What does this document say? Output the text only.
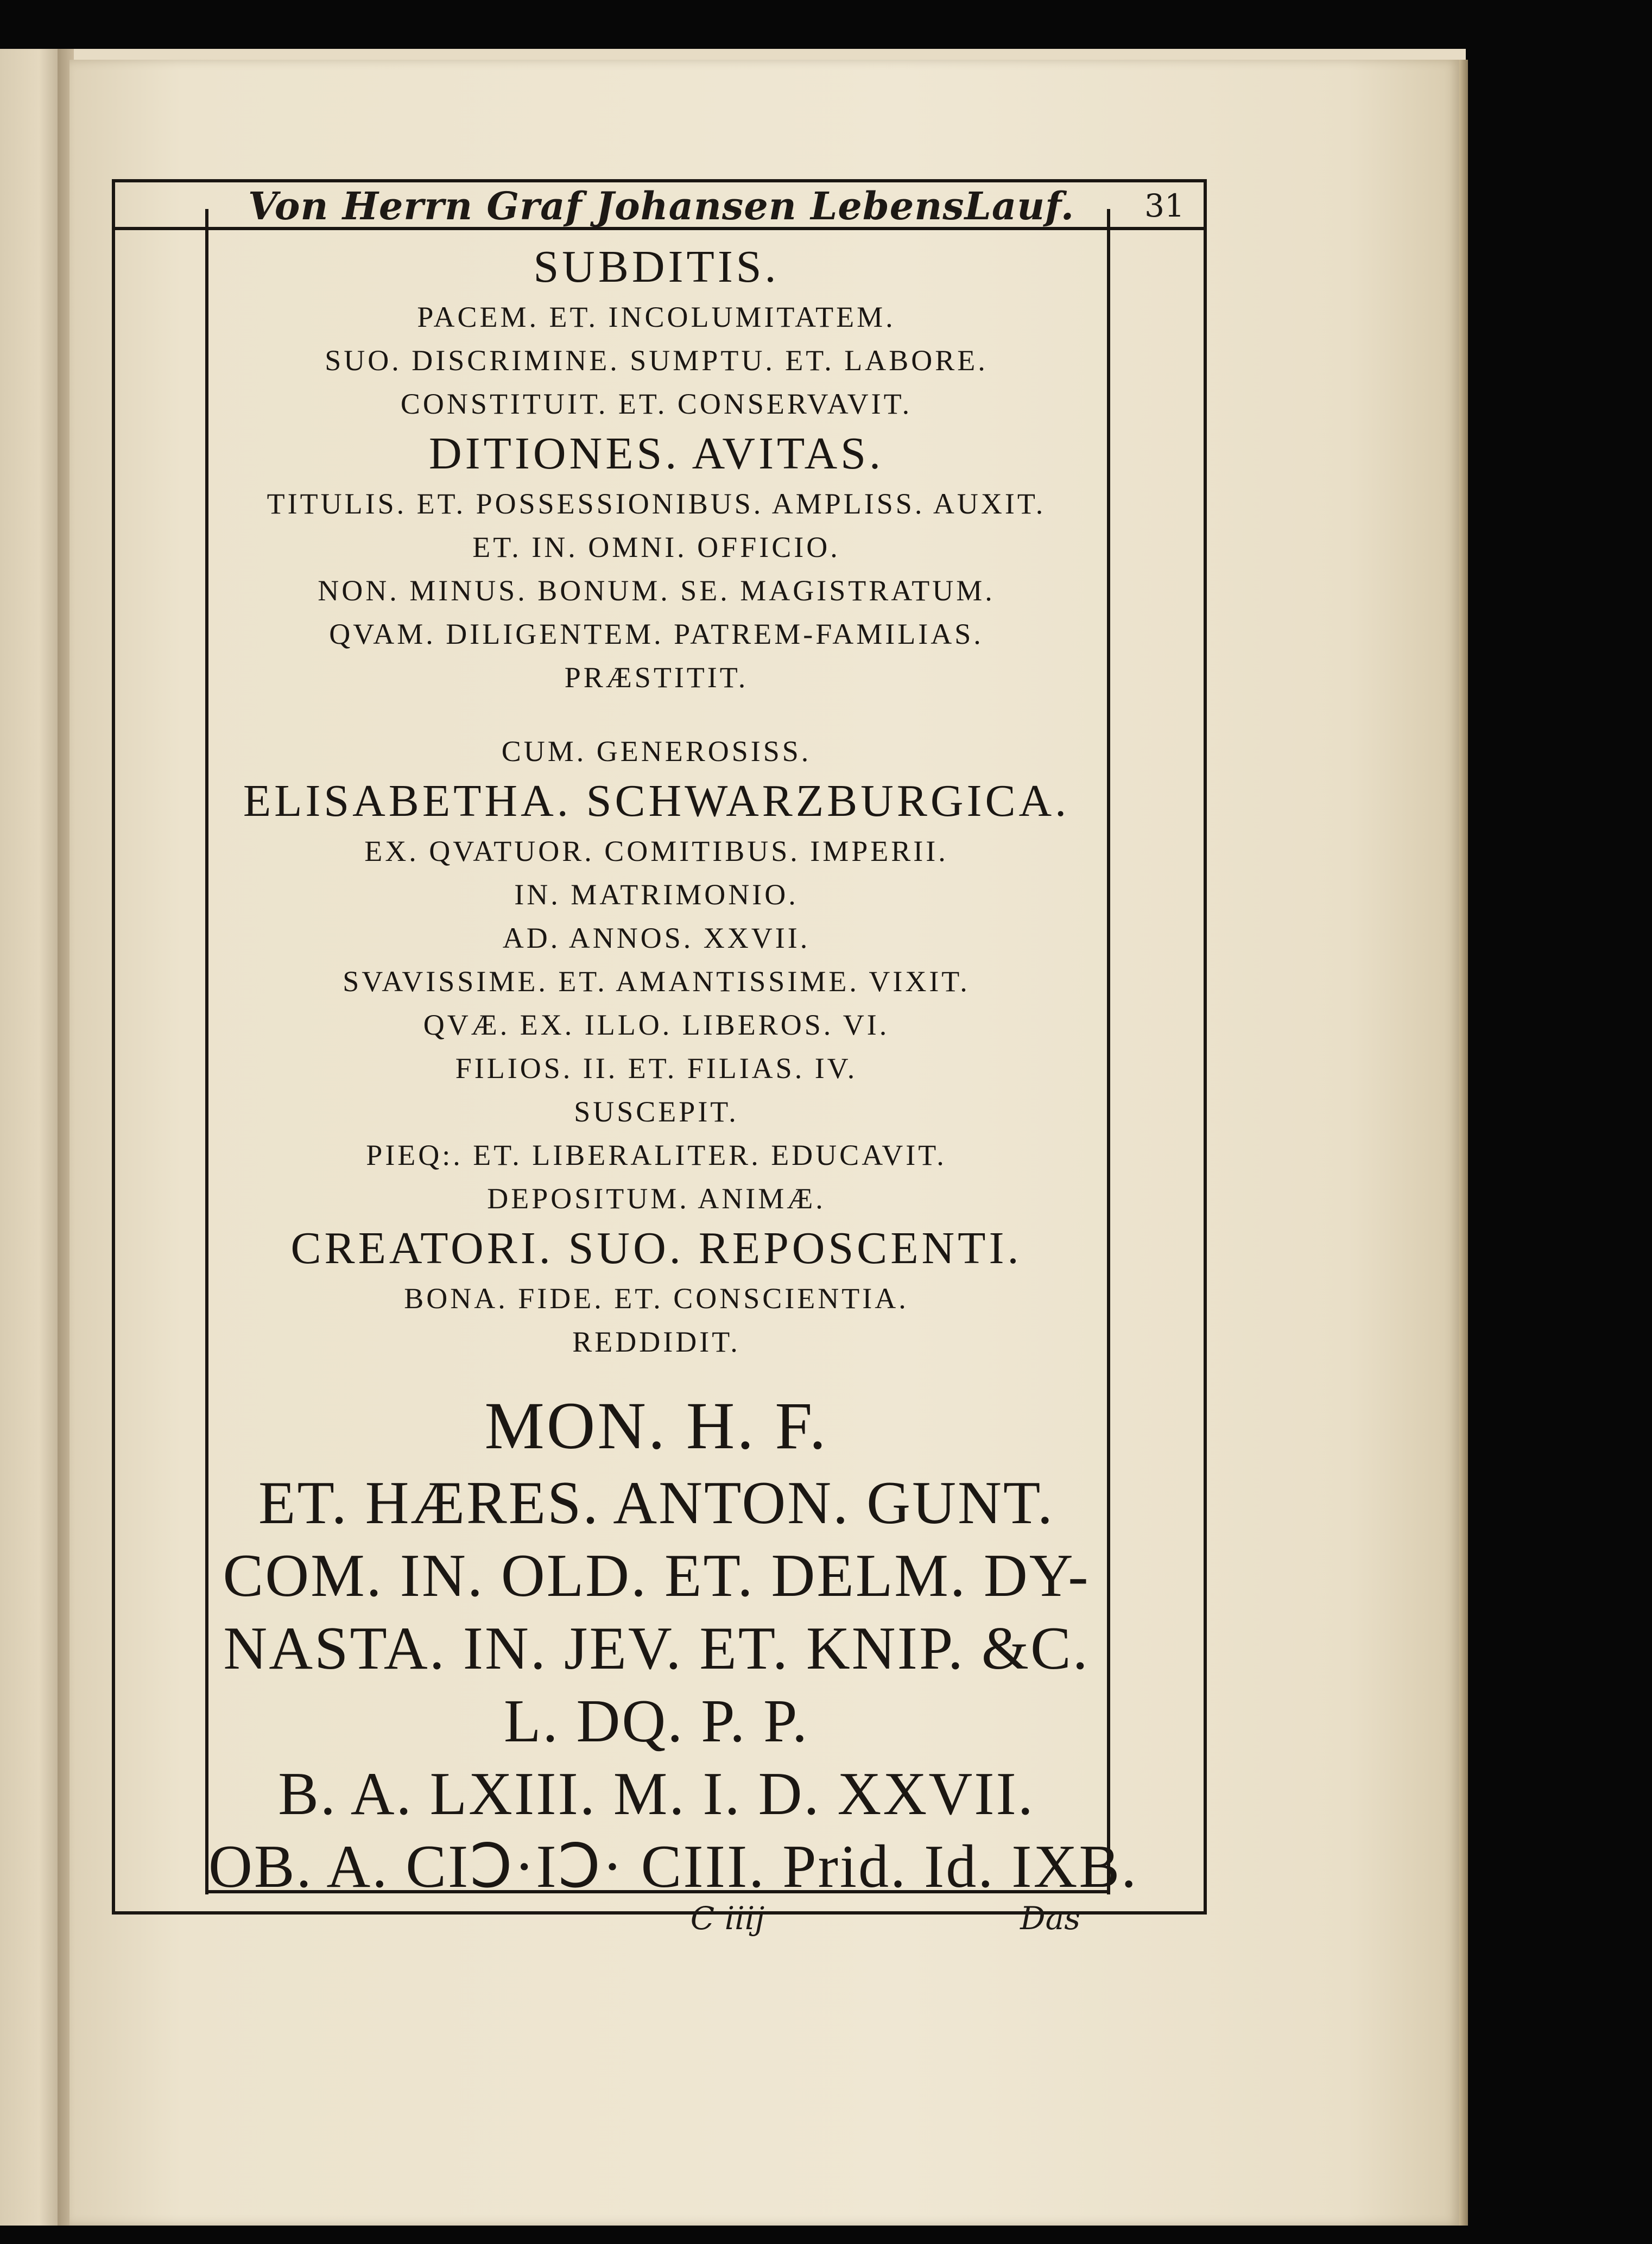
Von Herrn Graf Johansen LebensLauf.	31
SUBDITIS.
PACEM. ET. INCOLUMITATEM.
SUO. DISCRIMINE. SUMPTU. ET. LABORE.
CONSTITUIT. ET. CONSERVAVIT.
DITIONES. AVITAS.
TITULIS. ET. POSSESSIONIBUS. AMPLISS. AUXIT.
ET. IN. OMNI. OFFICIO.
NON. MINUS. BONUM. SE. MAGISTRATUM.
QVAM. DILIGENTEM. PATREM-FAMILIAS.
PRÆSTITIT.
CUM. GENEROSISS.
ELISABETHA. SCHWARZBURGICA.
EX. QVATUOR. COMITIBUS. IMPERII.
IN. MATRIMONIO.
AD. ANNOS. XXVII.
SVAVISSIME. ET. AMANTISSIME. VIXIT.
QVÆ. EX. ILLO. LIBEROS. VI.
FILIOS. II. ET. FILIAS. IV.
SUSCEPIT.
PIEQ:. ET. LIBERALITER. EDUCAVIT.
DEPOSITUM. ANIMÆ.
CREATORI. SUO. REPOSCENTI.
BONA. FIDE. ET. CONSCIENTIA.
REDDIDIT.
MON. H. F.
ET. HÆRES. ANTON. GUNT.
COM. IN. OLD. ET. DELM. DY-
NASTA. IN. JEV. ET. KNIP. &C.
L. DQ. P. P.
B. A. LXIII. M. I. D. XXVII.
OB. A. CIↃ·IↃ· CIII. Prid. Id. IXB.
C iiij	Das
